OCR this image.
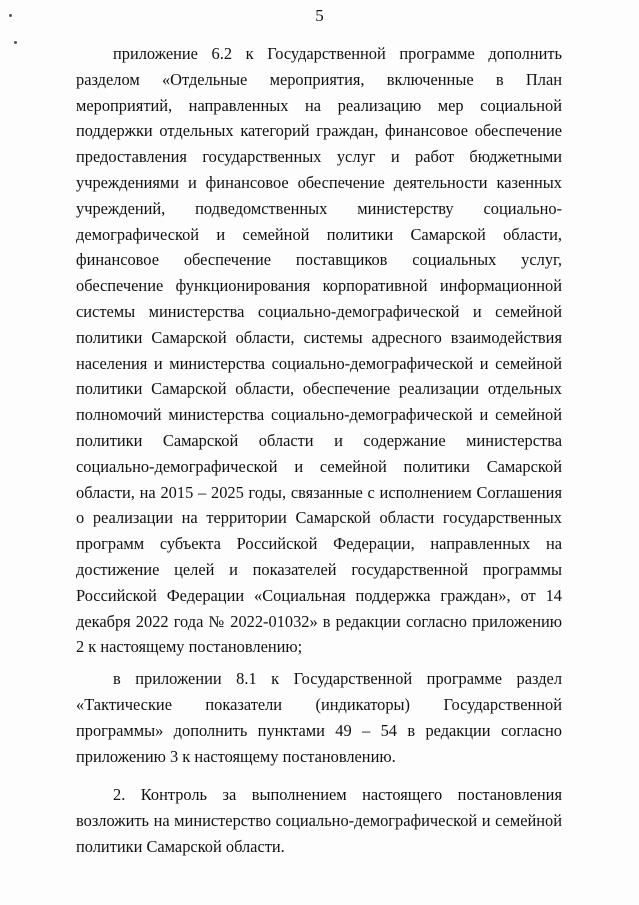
5

приложение 6.2 к Государственной программе дополнить разделом «Отдельные мероприятия, включенные в План мероприятий, направленных на реализацию мер социальной поддержки отдельных категорий граждан, финансовое обеспечение предоставления государственных услуг и работ бюджетными учреждениями и финансовое обеспечение деятельности казенных учреждений, подведомственных министерству социально-демографической и семейной политики Самарской области, финансовое обеспечение поставщиков социальных услуг, обеспечение функционирования корпоративной информационной системы министерства социально-демографической и семейной политики Самарской области, системы адресного взаимодействия населения и министерства социально-демографической и семейной политики Самарской области, обеспечение реализации отдельных полномочий министерства социально-демографической и семейной политики Самарской области и содержание министерства социально-демографической и семейной политики Самарской области, на 2015 – 2025 годы, связанные с исполнением Соглашения о реализации на территории Самарской области государственных программ субъекта Российской Федерации, направленных на достижение целей и показателей государственной программы Российской Федерации «Социальная поддержка граждан», от 14 декабря 2022 года № 2022-01032» в редакции согласно приложению 2 к настоящему постановлению;

в приложении 8.1 к Государственной программе раздел «Тактические показатели (индикаторы) Государственной программы» дополнить пунктами 49 – 54 в редакции согласно приложению 3 к настоящему постановлению.

2. Контроль за выполнением настоящего постановления возложить на министерство социально-демографической и семейной политики Самарской области.
